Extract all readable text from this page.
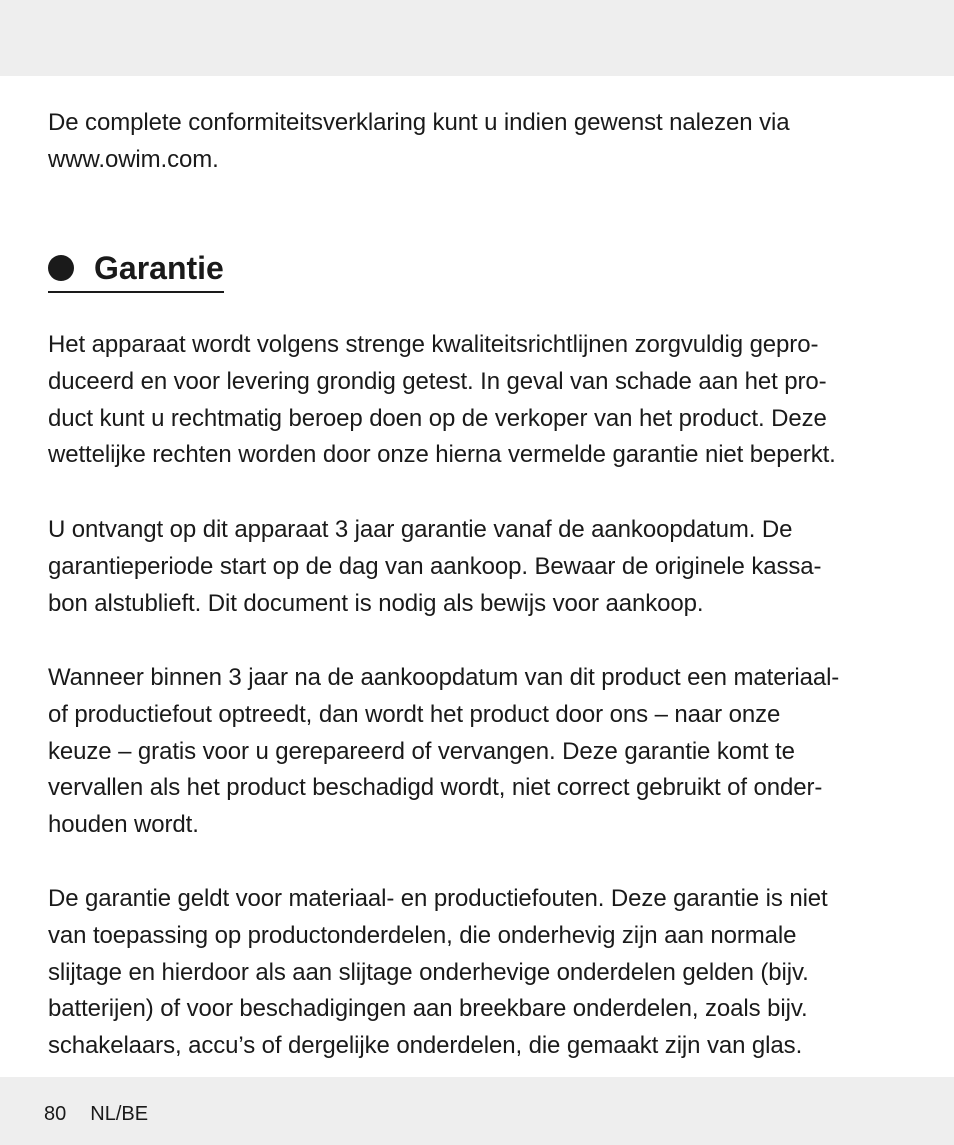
De complete conformiteitsverklaring kunt u indien gewenst nalezen via
www.owim.com.

Garantie

Het apparaat wordt volgens strenge kwaliteitsrichtlijnen zorgvuldig gepro-
duceerd en voor levering grondig getest. In geval van schade aan het pro-
duct kunt u rechtmatig beroep doen op de verkoper van het product. Deze
wettelijke rechten worden door onze hierna vermelde garantie niet beperkt.

U ontvangt op dit apparaat 3 jaar garantie vanaf de aankoopdatum. De
garantieperiode start op de dag van aankoop. Bewaar de originele kassa-
bon alstublieft. Dit document is nodig als bewijs voor aankoop.

Wanneer binnen 3 jaar na de aankoopdatum van dit product een materiaal-
of productiefout optreedt, dan wordt het product door ons – naar onze
keuze – gratis voor u gerepareerd of vervangen. Deze garantie komt te
vervallen als het product beschadigd wordt, niet correct gebruikt of onder-
houden wordt.

De garantie geldt voor materiaal- en productiefouten. Deze garantie is niet
van toepassing op productonderdelen, die onderhevig zijn aan normale
slijtage en hierdoor als aan slijtage onderhevige onderdelen gelden (bijv.
batterijen) of voor beschadigingen aan breekbare onderdelen, zoals bijv.
schakelaars, accu’s of dergelijke onderdelen, die gemaakt zijn van glas.

80 NL/BE
